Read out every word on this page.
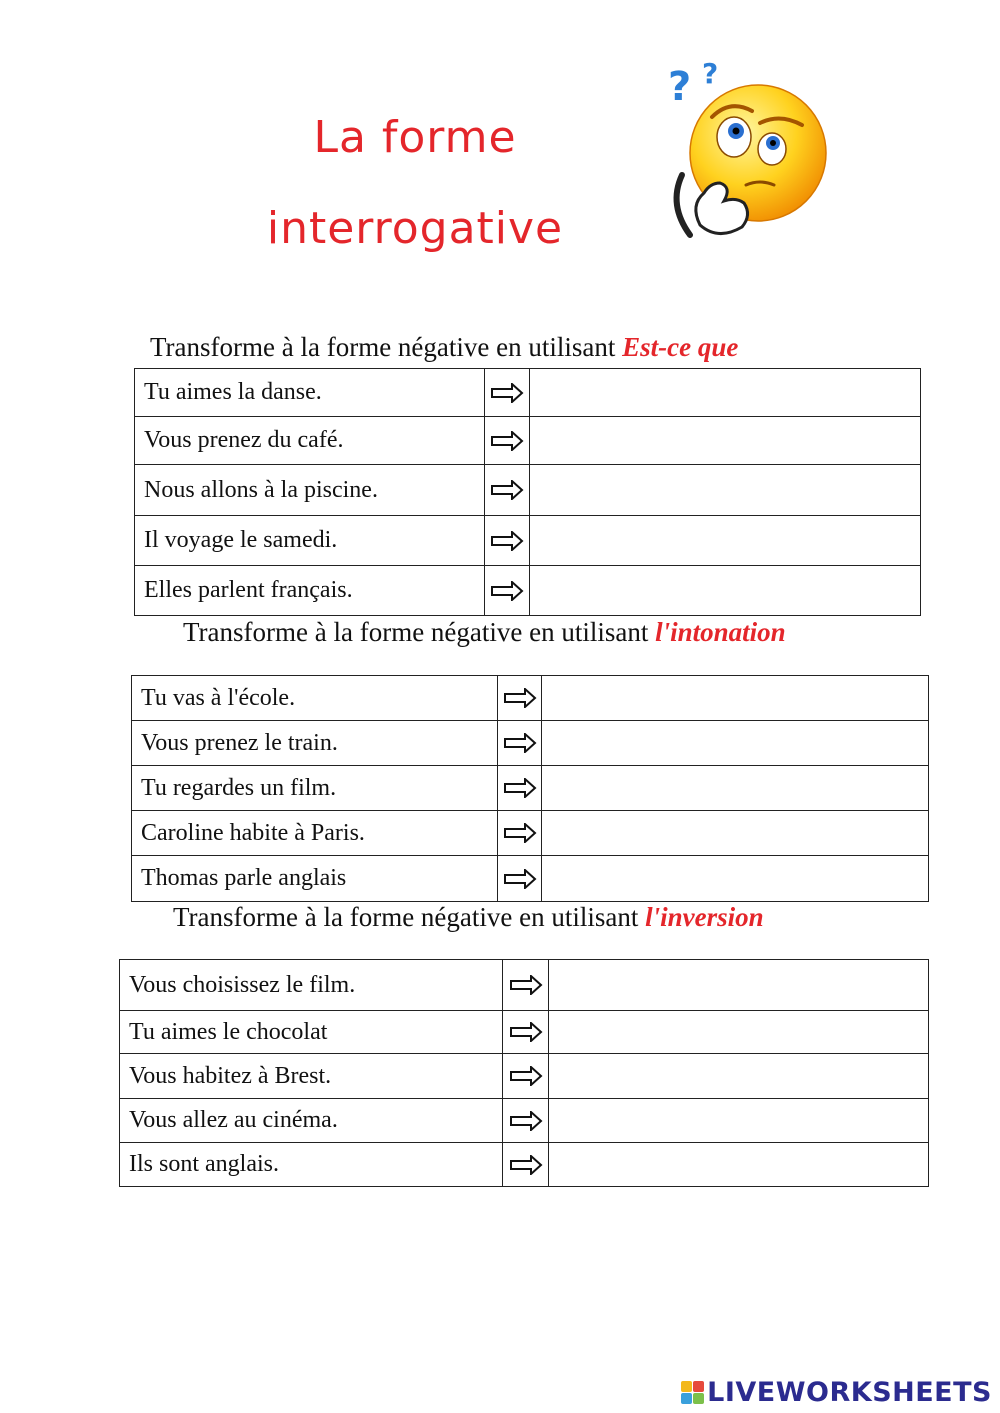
La forme
interrogative
? ?
Transforme à la forme négative en utilisant Est-ce que
Tu aimes la danse.	

Vous prenez du café.	

Nous allons à la piscine.	

Il voyage le samedi.	

Elles parlent français.	

Transforme à la forme négative en utilisant l'intonation
Tu vas à l'école.	

Vous prenez le train.	

Tu regardes un film.	

Caroline habite à Paris.	

Thomas parle anglais	

Transforme à la forme négative en utilisant l'inversion
Vous choisissez le film.	

Tu aimes le chocolat	

Vous habitez à Brest.	

Vous allez au cinéma.	

Ils sont anglais.	

LIVEWORKSHEETS
